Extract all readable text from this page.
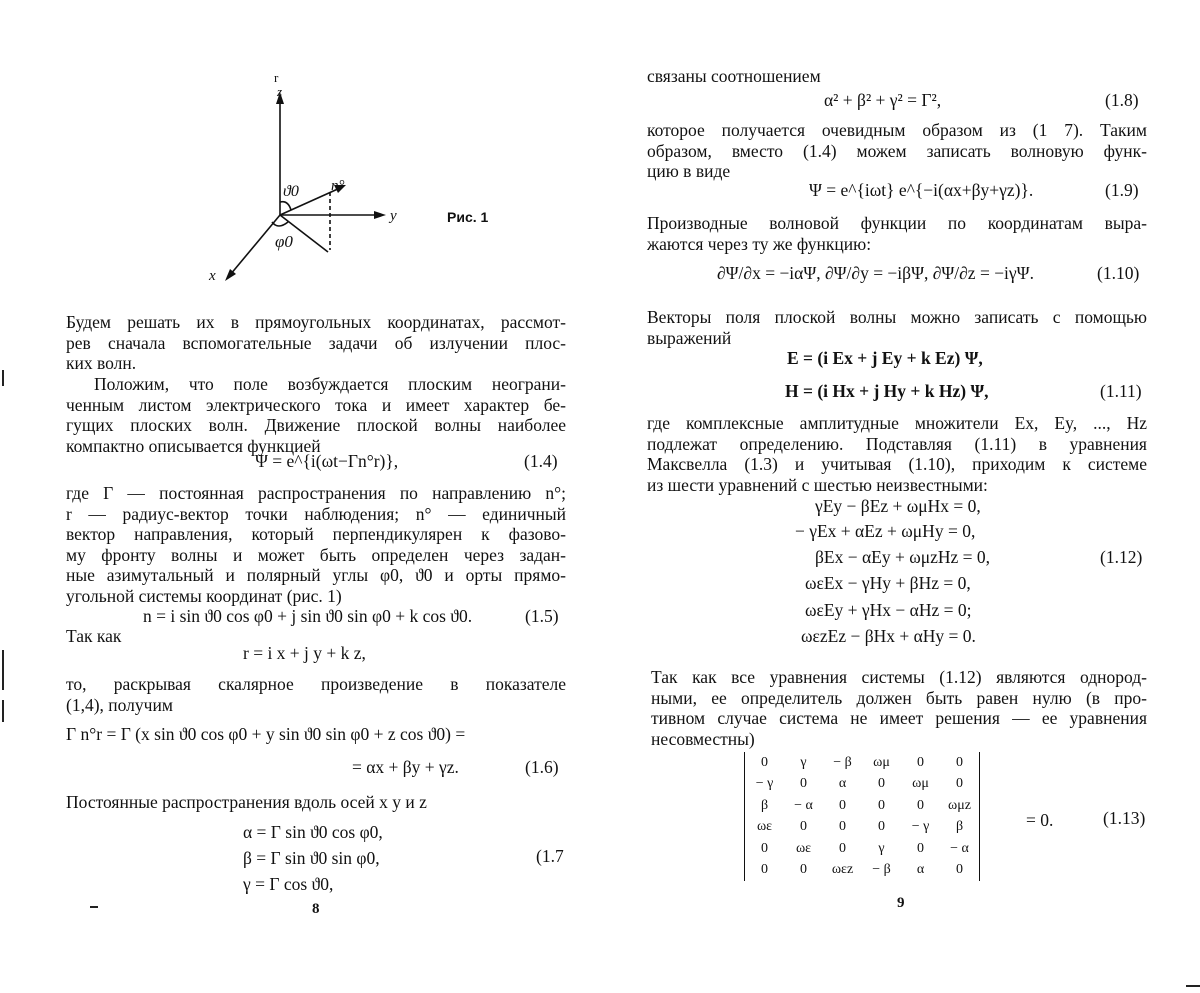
r
z
n°
ϑ0
y
φ0
x
Рис. 1
Будем решать их в прямоугольных координатах, рассмот-
рев сначала вспомогательные задачи об излучении плос-
ких волн.
Положим, что поле возбуждается плоским неограни-
ченным листом электрического тока и имеет характер бе-
гущих плоских волн. Движение плоской волны наиболее
компактно описывается функцией
Ψ = e^{i(ωt−Γn°r)},	(1.4)
где Γ — постоянная распространения по направлению n°;
r — радиус-вектор точки наблюдения; n° — единичный
вектор направления, который перпендикулярен к фазово-
му фронту волны и может быть определен через задан-
ные азимутальный и полярный углы φ0, ϑ0 и орты прямо-
угольной системы координат (рис. 1)
n = i sin ϑ0 cos φ0 + j sin ϑ0 sin φ0 + k cos ϑ0.	(1.5)
Так как
r = i x + j y + k z,
то, раскрывая скалярное произведение в показателе
(1,4), получим
Γ n°r = Γ (x sin ϑ0 cos φ0 + y sin ϑ0 sin φ0 + z cos ϑ0) =
= αx + βy + γz.	(1.6)
Постоянные распространения вдоль осей x y и z
α = Γ sin ϑ0 cos φ0,
β = Γ sin ϑ0 sin φ0,
γ = Γ cos ϑ0,
(1.7
8
связаны соотношением
α² + β² + γ² = Γ²,	(1.8)
которое получается очевидным образом из (1 7). Таким
образом, вместо (1.4) можем записать волновую функ-
цию в виде
Ψ = e^{iωt} e^{−i(αx+βy+γz)}.	(1.9)
Производные волновой функции по координатам выра-
жаются через ту же функцию:
∂Ψ/∂x = −iαΨ, ∂Ψ/∂y = −iβΨ, ∂Ψ/∂z = −iγΨ.	(1.10)
Векторы поля плоской волны можно записать с помощью
выражений
E = (i Ex + j Ey + k Ez) Ψ,
H = (i Hx + j Hy + k Hz) Ψ,	(1.11)
где комплексные амплитудные множители Ex, Ey, ..., Hz
подлежат определению. Подставляя (1.11) в уравнения
Максвелла (1.3) и учитывая (1.10), приходим к системе
из шести уравнений с шестью неизвестными:
γEy − βEz + ωμHx = 0,
− γEx + αEz + ωμHy = 0,
βEx − αEy + ωμzHz = 0,
ωεEx − γHy + βHz = 0,
ωεEy + γHx − αHz = 0;
ωεzEz − βHx + αHy = 0.
(1.12)
Так как все уравнения системы (1.12) являются однород-
ными, ее определитель должен быть равен нулю (в про-
тивном случае система не имеет решения — ее уравнения
несовместны)
0	γ	− β	ωμ	0	0
− γ	0	α	0	ωμ	0
β	− α	0	0	0	ωμz
ωε	0	0	0	− γ	β
0	ωε	0	γ	0	− α
0	0	ωεz	− β	α	0
= 0.	(1.13)
9
